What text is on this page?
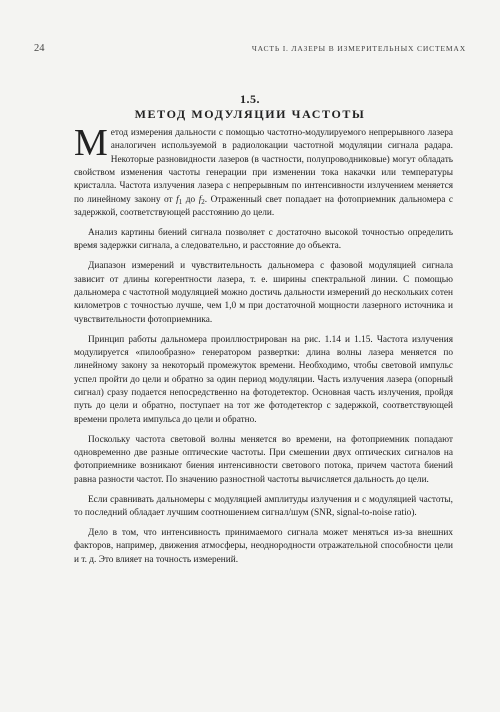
24	ЧАСТЬ I. ЛАЗЕРЫ В ИЗМЕРИТЕЛЬНЫХ СИСТЕМАХ
1.5.
МЕТОД МОДУЛЯЦИИ ЧАСТОТЫ

Метод измерения дальности с помощью частотно-модулируемого непрерывного лазера аналогичен используемой в радиолокации частотной модуляции сигнала радара. Некоторые разновидности лазеров (в частности, полупроводниковые) могут обладать свойством изменения частоты генерации при изменении тока накачки или температуры кристалла. Частота излучения лазера с непрерывным по интенсивности излучением меняется по линейному закону от $f_1$ до $f_2$. Отраженный свет попадает на фотоприемник дальномера с задержкой, соответствующей расстоянию до цели.

Анализ картины биений сигнала позволяет с достаточно высокой точностью определить время задержки сигнала, а следовательно, и расстояние до объекта.

Диапазон измерений и чувствительность дальномера с фазовой модуляцией сигнала зависит от длины когерентности лазера, т. е. ширины спектральной линии. С помощью дальномера с частотной модуляцией можно достичь дальности измерений до нескольких сотен километров с точностью лучше, чем 1,0 м при достаточной мощности лазерного источника и чувствительности фотоприемника.

Принцип работы дальномера проиллюстрирован на рис. 1.14 и 1.15. Частота излучения модулируется «пилообразно» генератором развертки: длина волны лазера меняется по линейному закону за некоторый промежуток времени. Необходимо, чтобы световой импульс успел пройти до цели и обратно за один период модуляции. Часть излучения лазера (опорный сигнал) сразу подается непосредственно на фотодетектор. Основная часть излучения, пройдя путь до цели и обратно, поступает на тот же фотодетектор с задержкой, соответствующей времени пролета импульса до цели и обратно.

Поскольку частота световой волны меняется во времени, на фотоприемник попадают одновременно две разные оптические частоты. При смешении двух оптических сигналов на фотоприемнике возникают биения интенсивности светового потока, причем частота биений равна разности частот. По значению разностной частоты вычисляется дальность до цели.

Если сравнивать дальномеры с модуляцией амплитуды излучения и с модуляцией частоты, то последний обладает лучшим соотношением сигнал/шум (SNR, signal-to-noise ratio).

Дело в том, что интенсивность принимаемого сигнала может меняться из-за внешних факторов, например, движения атмосферы, неоднородности отражательной способности цели и т. д. Это влияет на точность измерений.
